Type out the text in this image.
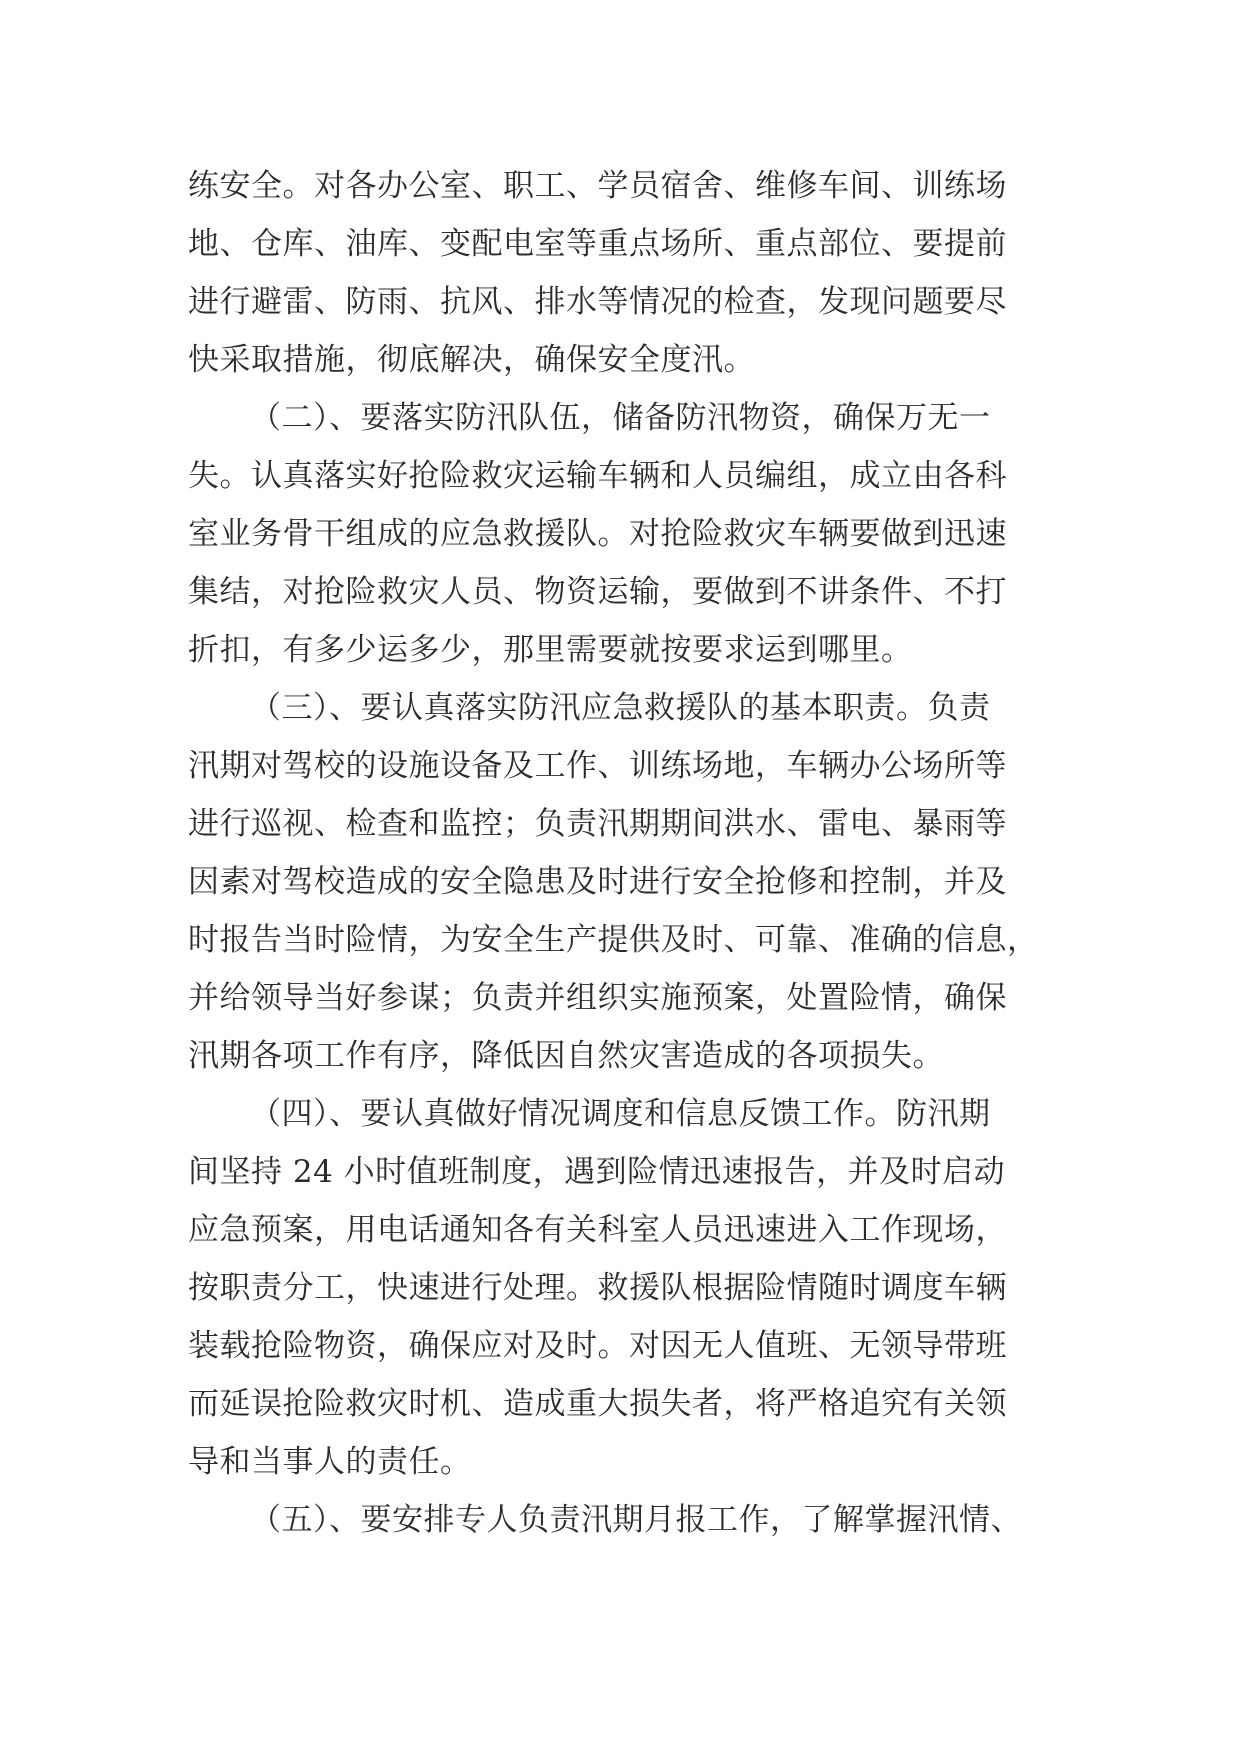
练安全。对各办公室、职工、学员宿舍、维修车间、训练场
地、仓库、油库、变配电室等重点场所、重点部位、要提前
进行避雷、防雨、抗风、排水等情况的检查，发现问题要尽
快采取措施，彻底解决，确保安全度汛。
（二）、要落实防汛队伍，储备防汛物资，确保万无一
失。认真落实好抢险救灾运输车辆和人员编组，成立由各科
室业务骨干组成的应急救援队。对抢险救灾车辆要做到迅速
集结，对抢险救灾人员、物资运输，要做到不讲条件、不打
折扣，有多少运多少，那里需要就按要求运到哪里。
（三）、要认真落实防汛应急救援队的基本职责。负责
汛期对驾校的设施设备及工作、训练场地，车辆办公场所等
进行巡视、检查和监控；负责汛期期间洪水、雷电、暴雨等
因素对驾校造成的安全隐患及时进行安全抢修和控制，并及
时报告当时险情，为安全生产提供及时、可靠、准确的信息，
并给领导当好参谋；负责并组织实施预案，处置险情，确保
汛期各项工作有序，降低因自然灾害造成的各项损失。
（四）、要认真做好情况调度和信息反馈工作。防汛期
间坚持 24 小时值班制度，遇到险情迅速报告，并及时启动
应急预案，用电话通知各有关科室人员迅速进入工作现场，
按职责分工，快速进行处理。救援队根据险情随时调度车辆
装载抢险物资，确保应对及时。对因无人值班、无领导带班
而延误抢险救灾时机、造成重大损失者，将严格追究有关领
导和当事人的责任。
（五）、要安排专人负责汛期月报工作，了解掌握汛情、
